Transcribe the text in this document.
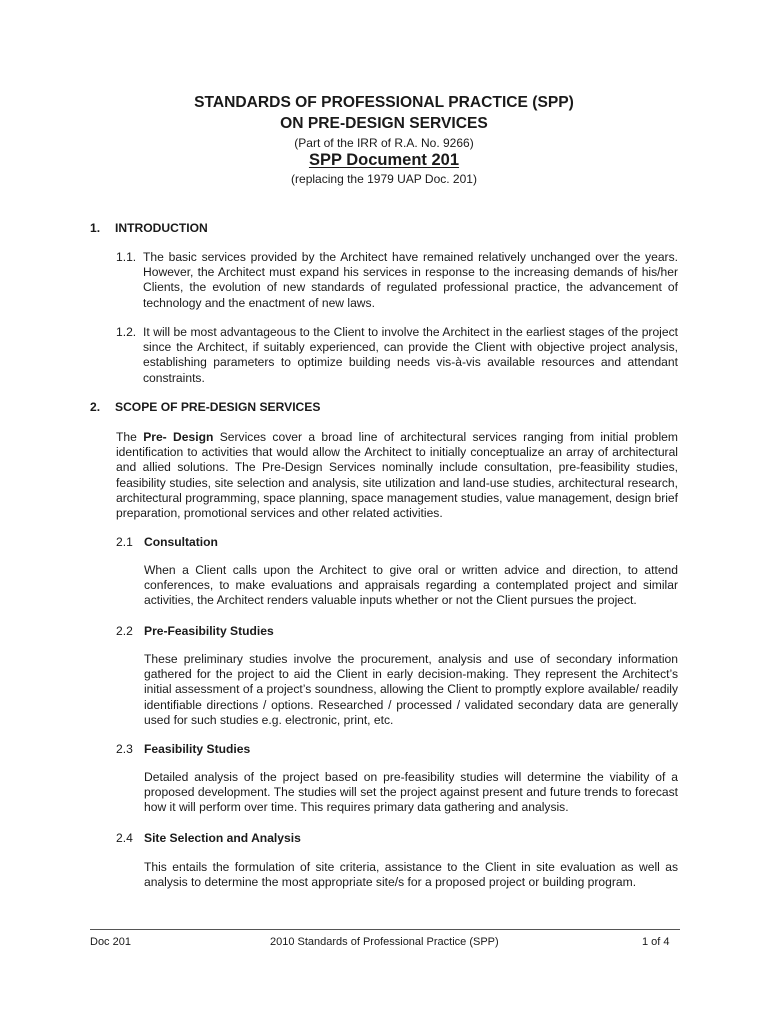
STANDARDS OF PROFESSIONAL PRACTICE (SPP)
ON PRE-DESIGN SERVICES
(Part of the IRR of R.A. No. 9266)
SPP Document 201
(replacing the 1979 UAP Doc. 201)
1. INTRODUCTION
1.1. The basic services provided by the Architect have remained relatively unchanged over the years. However, the Architect must expand his services in response to the increasing demands of his/her Clients, the evolution of new standards of regulated professional practice, the advancement of technology and the enactment of new laws.

1.2. It will be most advantageous to the Client to involve the Architect in the earliest stages of the project since the Architect, if suitably experienced, can provide the Client with objective project analysis, establishing parameters to optimize building needs vis-à-vis available resources and attendant constraints.

2. SCOPE OF PRE-DESIGN SERVICES

The Pre- Design Services cover a broad line of architectural services ranging from initial problem identification to activities that would allow the Architect to initially conceptualize an array of architectural and allied solutions. The Pre-Design Services nominally include consultation, pre-feasibility studies, feasibility studies, site selection and analysis, site utilization and land-use studies, architectural research, architectural programming, space planning, space management studies, value management, design brief preparation, promotional services and other related activities.

2.1 Consultation

When a Client calls upon the Architect to give oral or written advice and direction, to attend conferences, to make evaluations and appraisals regarding a contemplated project and similar activities, the Architect renders valuable inputs whether or not the Client pursues the project.

2.2 Pre-Feasibility Studies

These preliminary studies involve the procurement, analysis and use of secondary information gathered for the project to aid the Client in early decision-making. They represent the Architect’s initial assessment of a project’s soundness, allowing the Client to promptly explore available/ readily identifiable directions / options. Researched / processed / validated secondary data are generally used for such studies e.g. electronic, print, etc.

2.3 Feasibility Studies

Detailed analysis of the project based on pre-feasibility studies will determine the viability of a proposed development. The studies will set the project against present and future trends to forecast how it will perform over time. This requires primary data gathering and analysis.

2.4 Site Selection and Analysis

This entails the formulation of site criteria, assistance to the Client in site evaluation as well as analysis to determine the most appropriate site/s for a proposed project or building program.

Doc 201	2010 Standards of Professional Practice (SPP)	1 of 4
